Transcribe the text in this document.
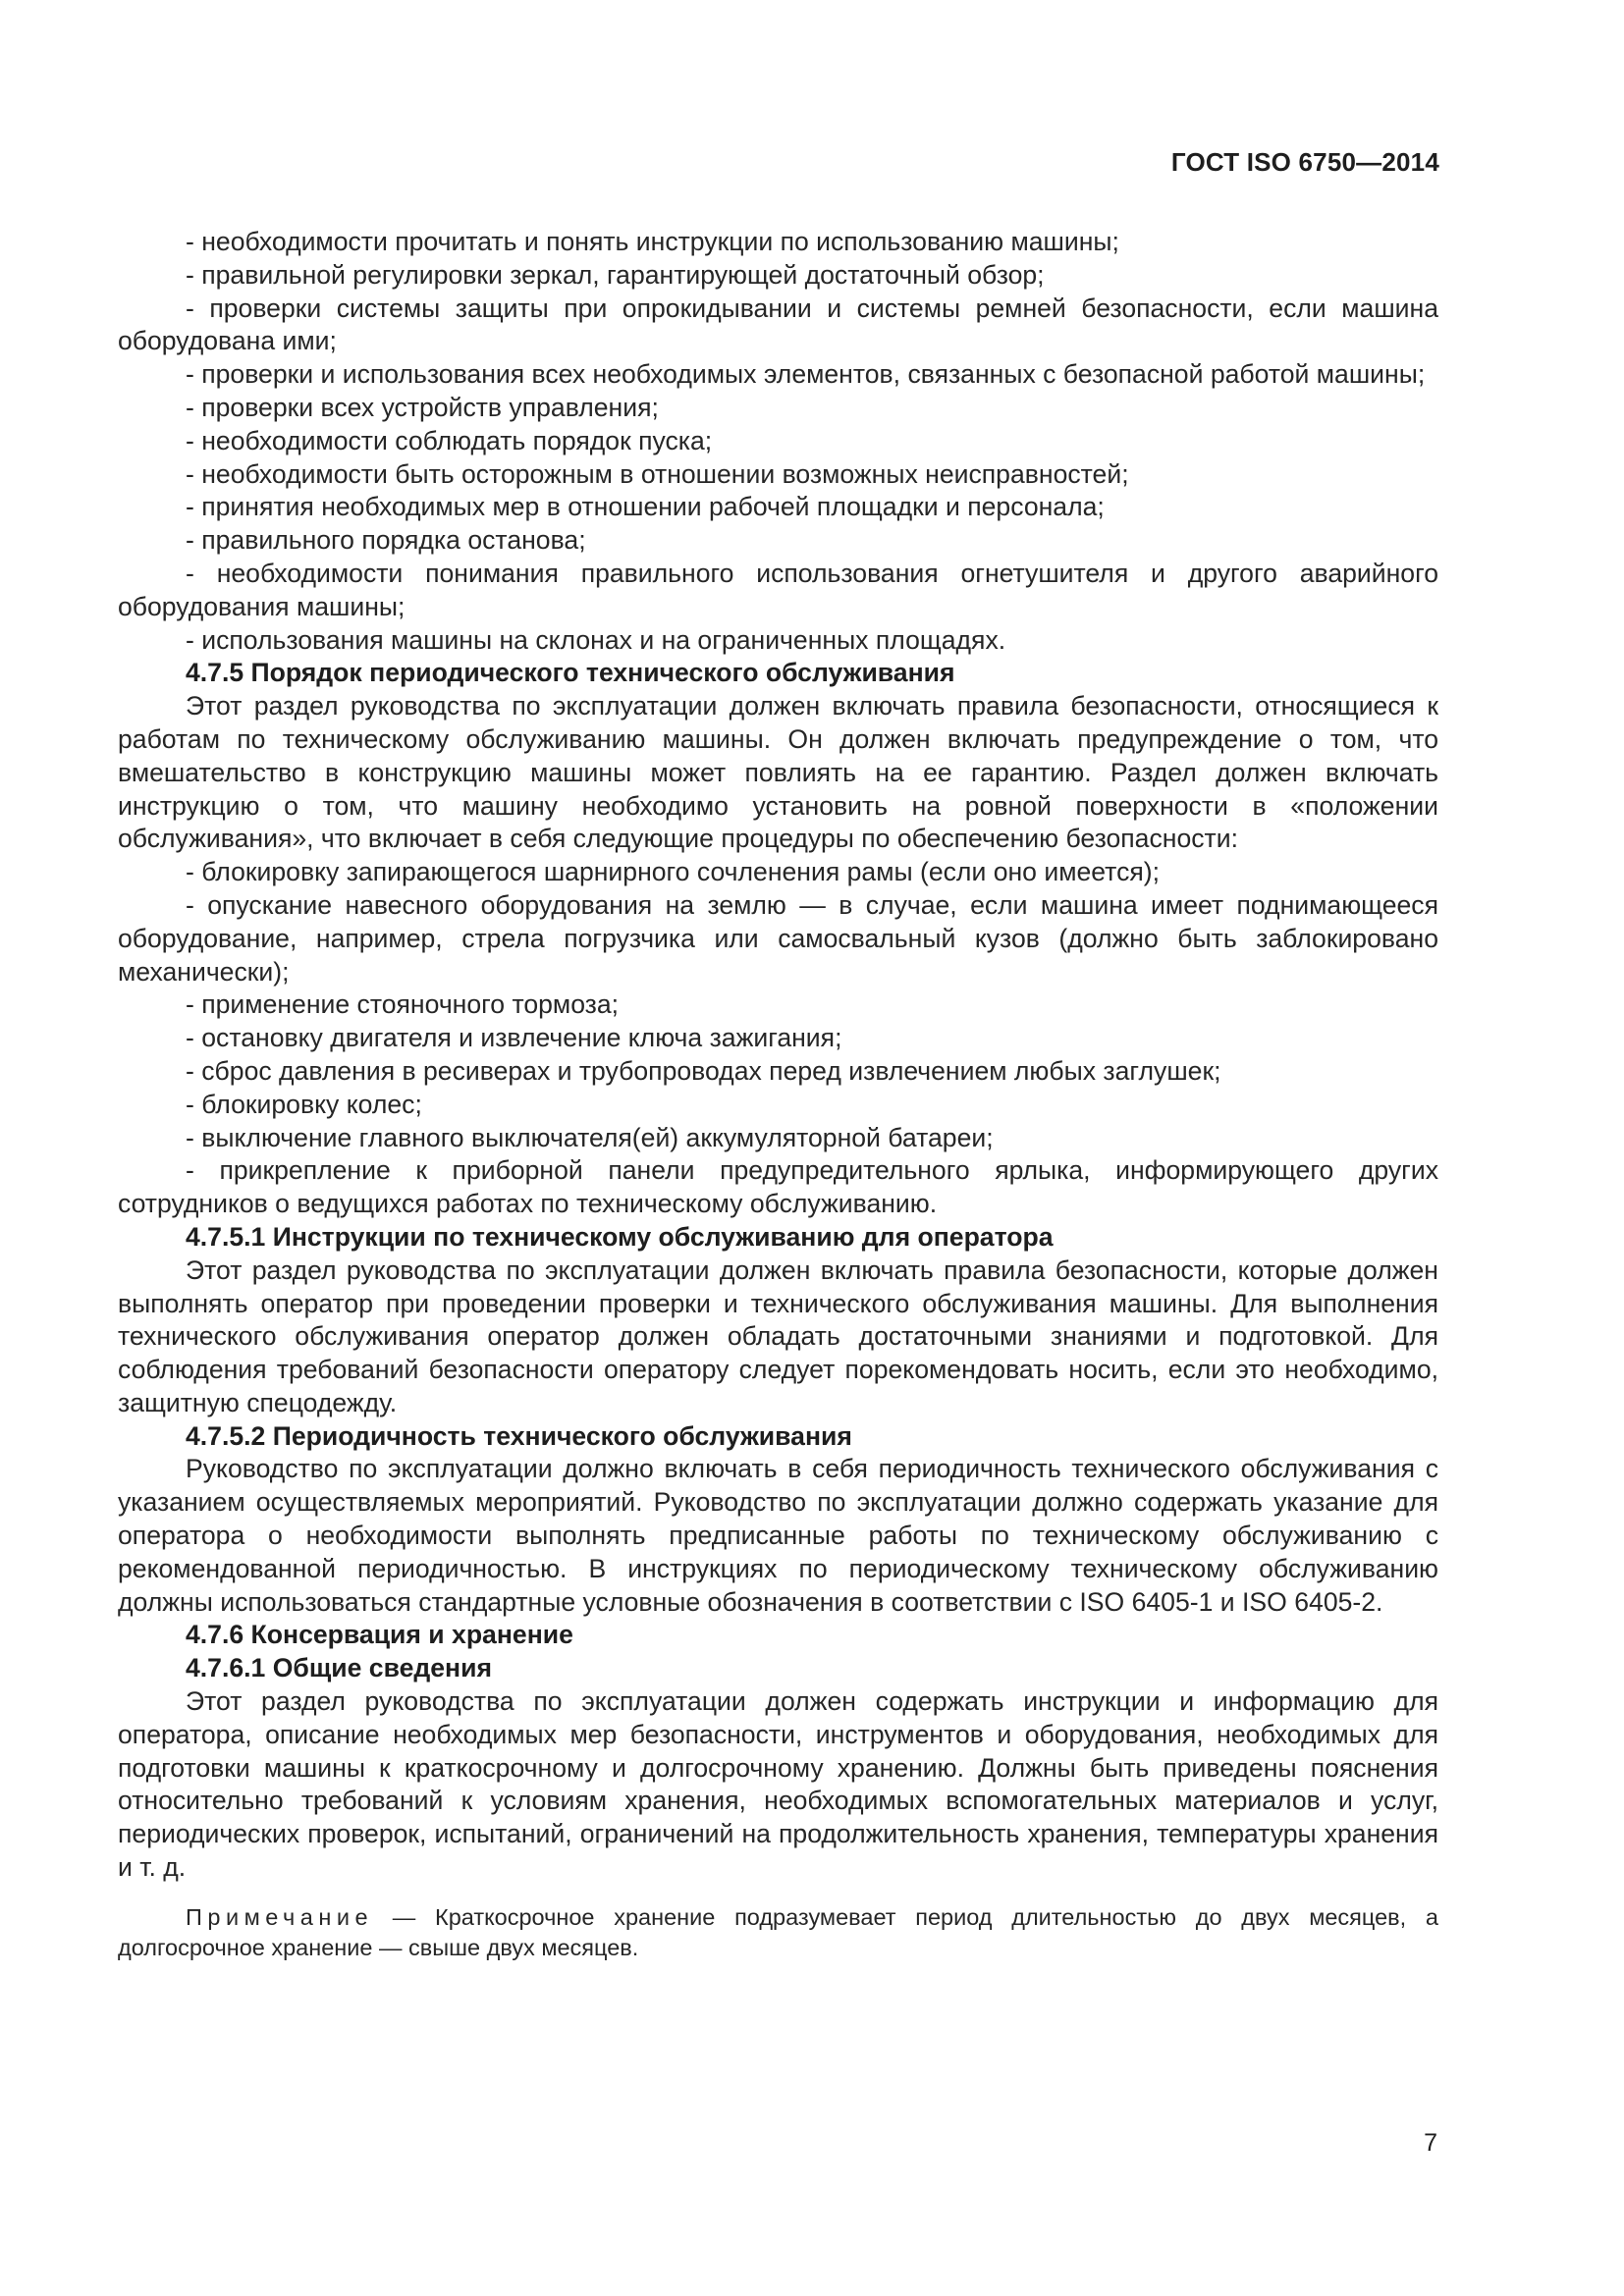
ГОСТ ISO 6750—2014

- необходимости прочитать и понять инструкции по использованию машины;

- правильной регулировки зеркал, гарантирующей достаточный обзор;

- проверки системы защиты при опрокидывании и системы ремней безопасности, если машина оборудована ими;

- проверки и использования всех необходимых элементов, связанных с безопасной работой машины;

- проверки всех устройств управления;

- необходимости соблюдать порядок пуска;

- необходимости быть осторожным в отношении возможных неисправностей;

- принятия необходимых мер в отношении рабочей площадки и персонала;

- правильного порядка останова;

- необходимости понимания правильного использования огнетушителя и другого аварийного оборудования машины;

- использования машины на склонах и на ограниченных площадях.

4.7.5 Порядок периодического технического обслуживания

Этот раздел руководства по эксплуатации должен включать правила безопасности, относящиеся к работам по техническому обслуживанию машины. Он должен включать предупреждение о том, что вмешательство в конструкцию машины может повлиять на ее гарантию. Раздел должен включать инструкцию о том, что машину необходимо установить на ровной поверхности в «положении обслуживания», что включает в себя следующие процедуры по обеспечению безопасности:

- блокировку запирающегося шарнирного сочленения рамы (если оно имеется);

- опускание навесного оборудования на землю — в случае, если машина имеет поднимающееся оборудование, например, стрела погрузчика или самосвальный кузов (должно быть заблокировано механически);

- применение стояночного тормоза;

- остановку двигателя и извлечение ключа зажигания;

- сброс давления в ресиверах и трубопроводах перед извлечением любых заглушек;

- блокировку колес;

- выключение главного выключателя(ей) аккумуляторной батареи;

- прикрепление к приборной панели предупредительного ярлыка, информирующего других сотрудников о ведущихся работах по техническому обслуживанию.

4.7.5.1 Инструкции по техническому обслуживанию для оператора

Этот раздел руководства по эксплуатации должен включать правила безопасности, которые должен выполнять оператор при проведении проверки и технического обслуживания машины. Для выполнения технического обслуживания оператор должен обладать достаточными знаниями и подготовкой. Для соблюдения требований безопасности оператору следует порекомендовать носить, если это необходимо, защитную спецодежду.

4.7.5.2 Периодичность технического обслуживания

Руководство по эксплуатации должно включать в себя периодичность технического обслуживания с указанием осуществляемых мероприятий. Руководство по эксплуатации должно содержать указание для оператора о необходимости выполнять предписанные работы по техническому обслуживанию с рекомендованной периодичностью. В инструкциях по периодическому техническому обслуживанию должны использоваться стандартные условные обозначения в соответствии с ISO 6405-1 и ISO 6405-2.

4.7.6 Консервация и хранение

4.7.6.1 Общие сведения

Этот раздел руководства по эксплуатации должен содержать инструкции и информацию для оператора, описание необходимых мер безопасности, инструментов и оборудования, необходимых для подготовки машины к краткосрочному и долгосрочному хранению. Должны быть приведены пояснения относительно требований к условиям хранения, необходимых вспомогательных материалов и услуг, периодических проверок, испытаний, ограничений на продолжительность хранения, температуры хранения и т. д.

Примечание — Краткосрочное хранение подразумевает период длительностью до двух месяцев, а долгосрочное хранение — свыше двух месяцев.

7
